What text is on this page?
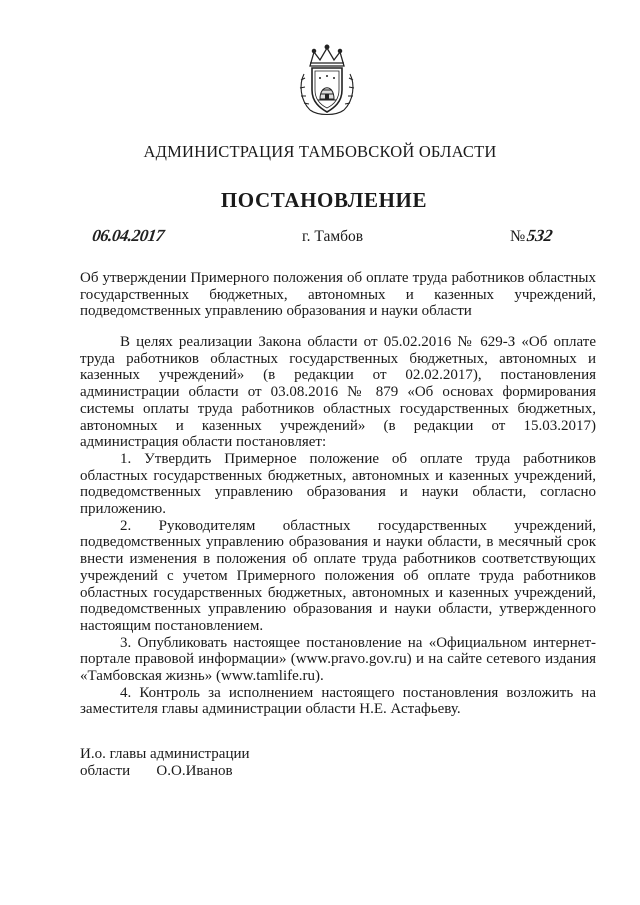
АДМИНИСТРАЦИЯ ТАМБОВСКОЙ ОБЛАСТИ
ПОСТАНОВЛЕНИЕ
06.04.2017	г. Тамбов	№532
Об утверждении Примерного положения об оплате труда работников областных государственных бюджетных, автономных и казенных учреждений, подведомственных управлению образования и науки области

В целях реализации Закона области от 05.02.2016 № 629-З «Об оплате труда работников областных государственных бюджетных, автономных и казенных учреждений» (в редакции от 02.02.2017), постановления администрации области от 03.08.2016 № 879 «Об основах формирования системы оплаты труда работников областных государственных бюджетных, автономных и казенных учреждений» (в редакции от 15.03.2017) администрация области постановляет:

1. Утвердить Примерное положение об оплате труда работников областных государственных бюджетных, автономных и казенных учреждений, подведомственных управлению образования и науки области, согласно приложению.

2. Руководителям областных государственных учреждений, подведомственных управлению образования и науки области, в месячный срок внести изменения в положения об оплате труда работников соответствующих учреждений с учетом Примерного положения об оплате труда работников областных государственных бюджетных, автономных и казенных учреждений, подведомственных управлению образования и науки области, утвержденного настоящим постановлением.

3. Опубликовать настоящее постановление на «Официальном интернет-портале правовой информации» (www.pravo.gov.ru) и на сайте сетевого издания «Тамбовская жизнь» (www.tamlife.ru).

4. Контроль за исполнением настоящего постановления возложить на заместителя главы администрации области Н.Е. Астафьеву.

И.о. главы администрации
области О.О.Иванов
